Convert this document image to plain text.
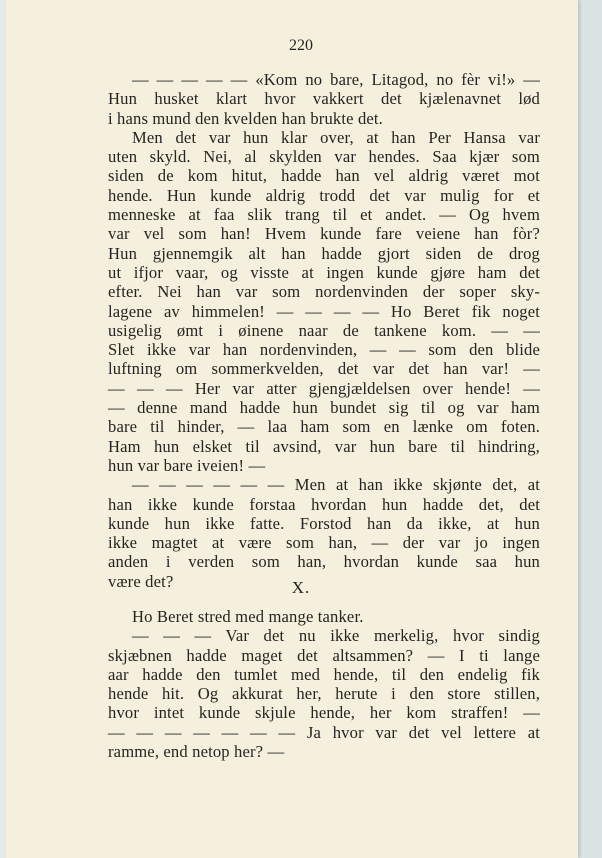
220
— — — — — «Kom no bare, Litagod, no fèr vi!» —
Hun husket klart hvor vakkert det kjælenavnet lød
i hans mund den kvelden han brukte det.
Men det var hun klar over, at han Per Hansa var
uten skyld. Nei, al skylden var hendes. Saa kjær som
siden de kom hitut, hadde han vel aldrig været mot
hende. Hun kunde aldrig trodd det var mulig for et
menneske at faa slik trang til et andet. — Og hvem
var vel som han! Hvem kunde fare veiene han fòr?
Hun gjennemgik alt han hadde gjort siden de drog
ut ifjor vaar, og visste at ingen kunde gjøre ham det
efter. Nei han var som nordenvinden der soper sky-
lagene av himmelen! — — — — Ho Beret fik noget
usigelig ømt i øinene naar de tankene kom. — —
Slet ikke var han nordenvinden, — — som den blide
luftning om sommerkvelden, det var det han var! —
— — — Her var atter gjengjældelsen over hende! —
— denne mand hadde hun bundet sig til og var ham
bare til hinder, — laa ham som en lænke om foten.
Ham hun elsket til avsind, var hun bare til hindring,
hun var bare iveien! —
— — — — — — Men at han ikke skjønte det, at
han ikke kunde forstaa hvordan hun hadde det, det
kunde hun ikke fatte. Forstod han da ikke, at hun
ikke magtet at være som han, — der var jo ingen
anden i verden som han, hvordan kunde saa hun
være det?	X.
Ho Beret stred med mange tanker.
— — — Var det nu ikke merkelig, hvor sindig
skjæbnen hadde maget det altsammen? — I ti lange
aar hadde den tumlet med hende, til den endelig fik
hende hit. Og akkurat her, herute i den store stillen,
hvor intet kunde skjule hende, her kom straffen! —
— — — — — — — Ja hvor var det vel lettere at
ramme, end netop her? —
